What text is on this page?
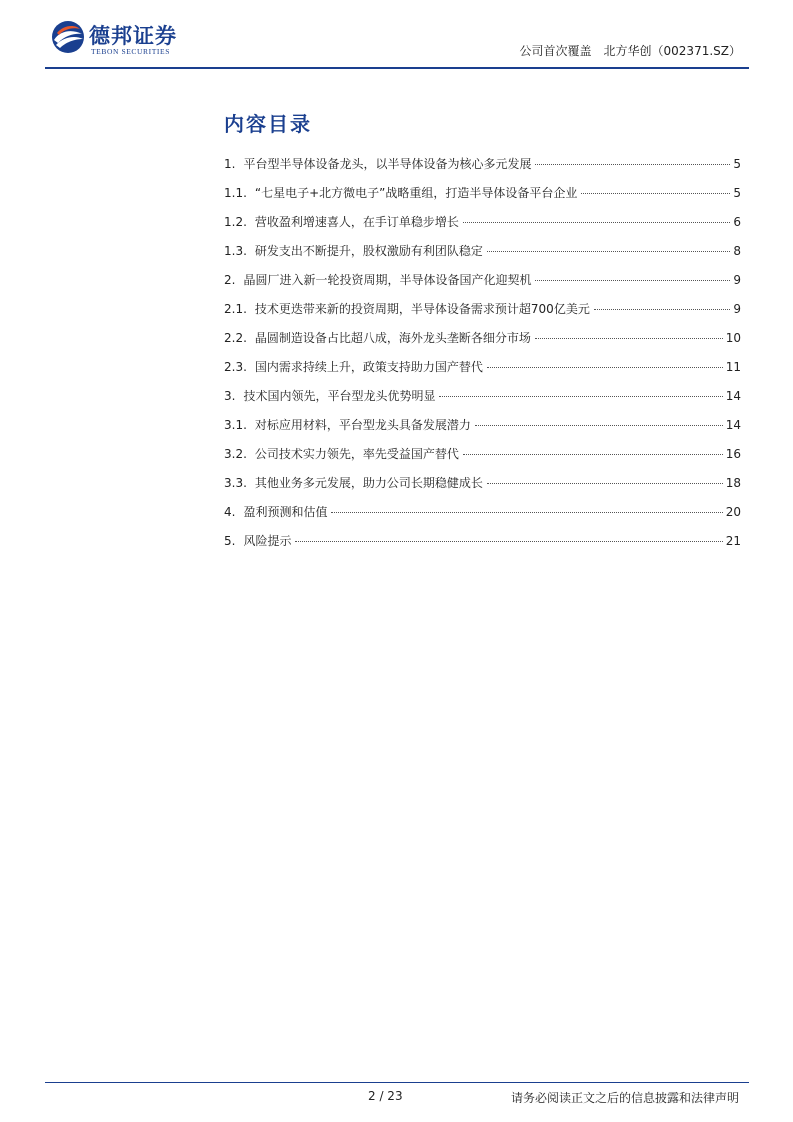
德邦证券
TEBON SECURITIES	公司首次覆盖 北方华创（002371.SZ）
内容目录
1. 平台型半导体设备龙头，以半导体设备为核心多元发展	5
1.1. “七星电子+北方微电子”战略重组，打造半导体设备平台企业	5
1.2. 营收盈利增速喜人，在手订单稳步增长	6
1.3. 研发支出不断提升，股权激励有利团队稳定	8
2. 晶圆厂进入新一轮投资周期，半导体设备国产化迎契机	9
2.1. 技术更迭带来新的投资周期，半导体设备需求预计超700亿美元	9
2.2. 晶圆制造设备占比超八成，海外龙头垄断各细分市场	10
2.3. 国内需求持续上升，政策支持助力国产替代	11
3. 技术国内领先，平台型龙头优势明显	14
3.1. 对标应用材料，平台型龙头具备发展潜力	14
3.2. 公司技术实力领先，率先受益国产替代	16
3.3. 其他业务多元发展，助力公司长期稳健成长	18
4. 盈利预测和估值	20
5. 风险提示	21
2 / 23	请务必阅读正文之后的信息披露和法律声明
